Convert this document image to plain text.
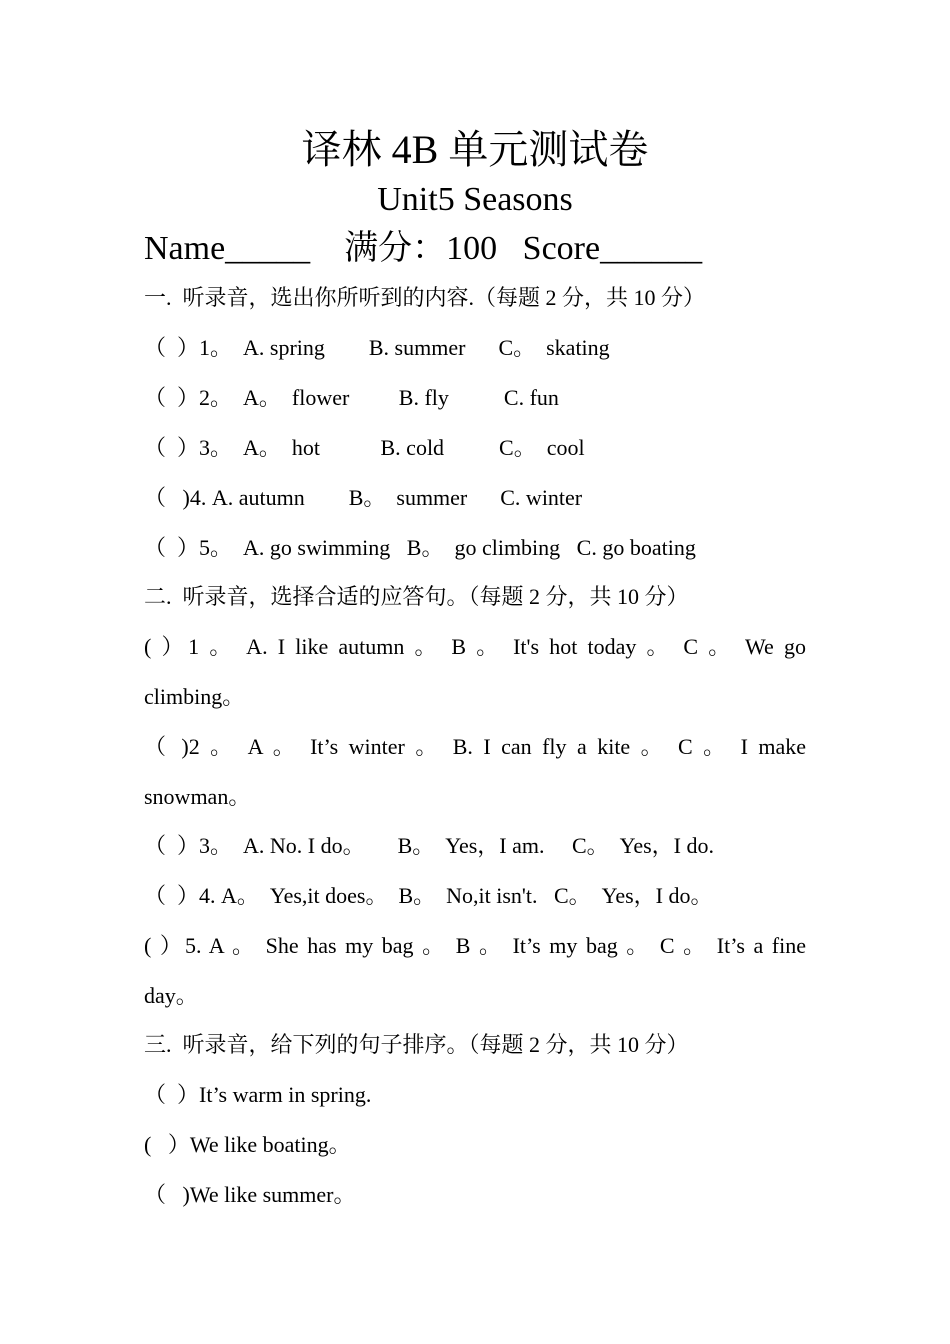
译林 4B 单元测试卷
Unit5 Seasons
Name_____    满分：100   Score______
一.  听录音，选出你所听到的内容.（每题 2 分，共 10 分）
（  ）1。  A. spring        B. summer      C。  skating
（  ）2。  A。  flower         B. fly          C. fun
（  ）3。  A。  hot           B. cold          C。  cool
（   )4. A. autumn        B。  summer      C. winter
（  ）5。  A. go swimming   B。  go climbing   C. go boating
二.  听录音，选择合适的应答句。（每题 2 分，共 10 分）
( ）1 。 A. I like autumn 。 B 。 It's hot today 。 C 。 We go
climbing。
（ )2 。 A 。 It’s winter 。 B. I can fly a kite 。 C 。 I make
snowman。
（  ）3。  A. No. I do。      B。  Yes，I am.     C。  Yes，I do.
（  ）4. A。  Yes,it does。  B。  No,it isn't.   C。  Yes，I do。
( ）5. A 。 She has my bag 。 B 。 It’s my bag 。 C 。 It’s a fine
day。
三.  听录音，给下列的句子排序。（每题 2 分，共 10 分）
（  ）It’s warm in spring.
(   ）We like boating。
（   )We like summer。
